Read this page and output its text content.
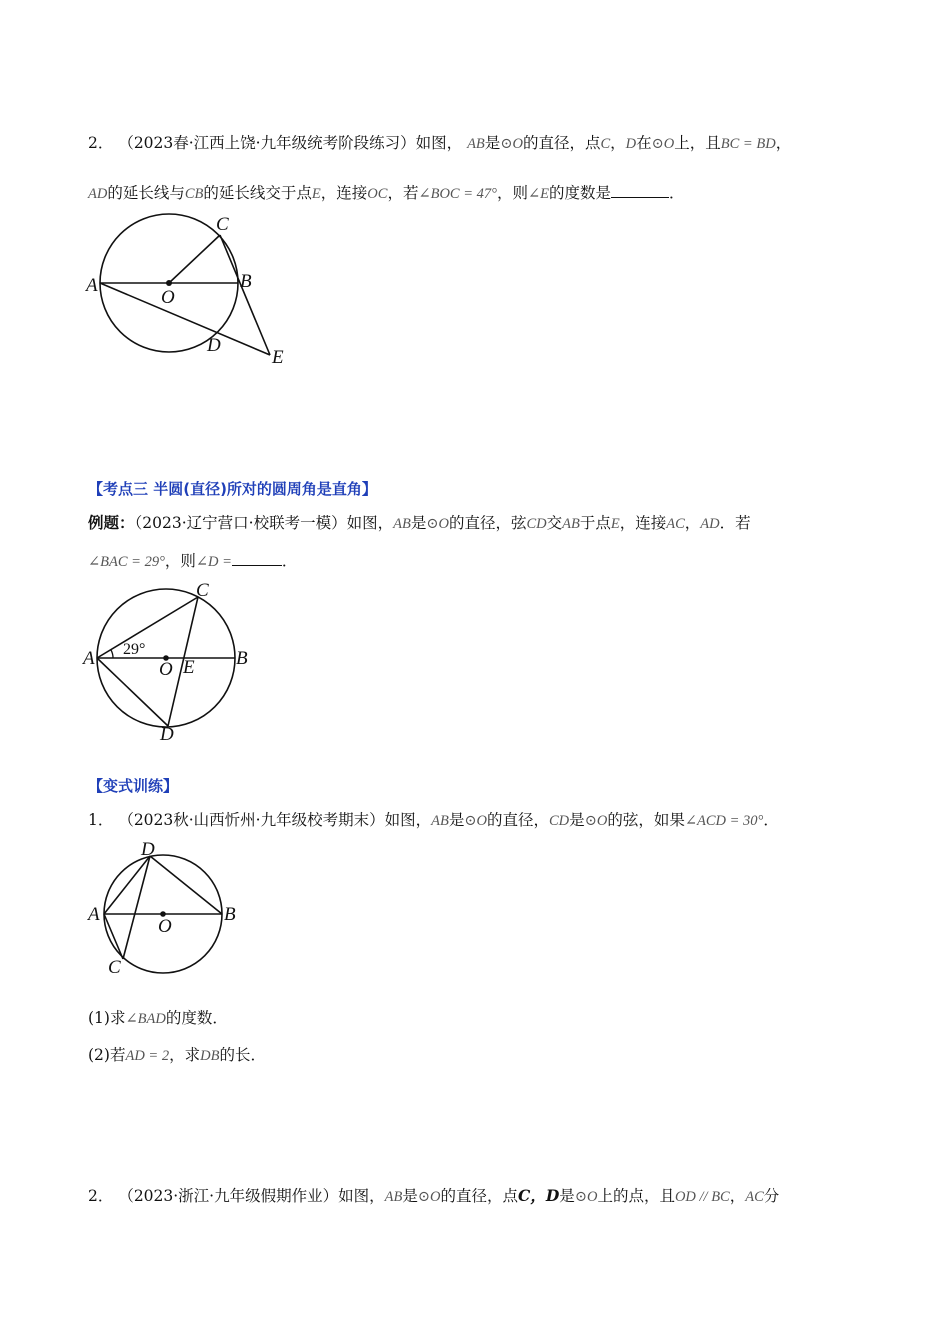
2． （2023春·江西上饶·九年级统考阶段练习）如图， AB是⊙O的直径，点C，D在⊙O上，且BC = BD，
AD的延长线与CB的延长线交于点E，连接OC，若∠BOC = 47°，则∠E的度数是	．
A	B
C
D
E
O
【考点三 半圆(直径)所对的圆周角是直角】
例题：（2023·辽宁营口·校联考一模）如图，AB是⊙O的直径，弦CD交AB于点E，连接AC，AD．若
∠BAC = 29°，则∠D =	．
A	B
C
D
E
O
29°
【变式训练】
1． （2023秋·山西忻州·九年级校考期末）如图，AB是⊙O的直径，CD是⊙O的弦，如果∠ACD = 30°．
A	B
C
D
O
(1)求∠BAD的度数．
(2)若AD = 2，求DB的长．
2． （2023·浙江·九年级假期作业）如图，AB是⊙O的直径，点C，D是⊙O上的点，且OD // BC，AC分
